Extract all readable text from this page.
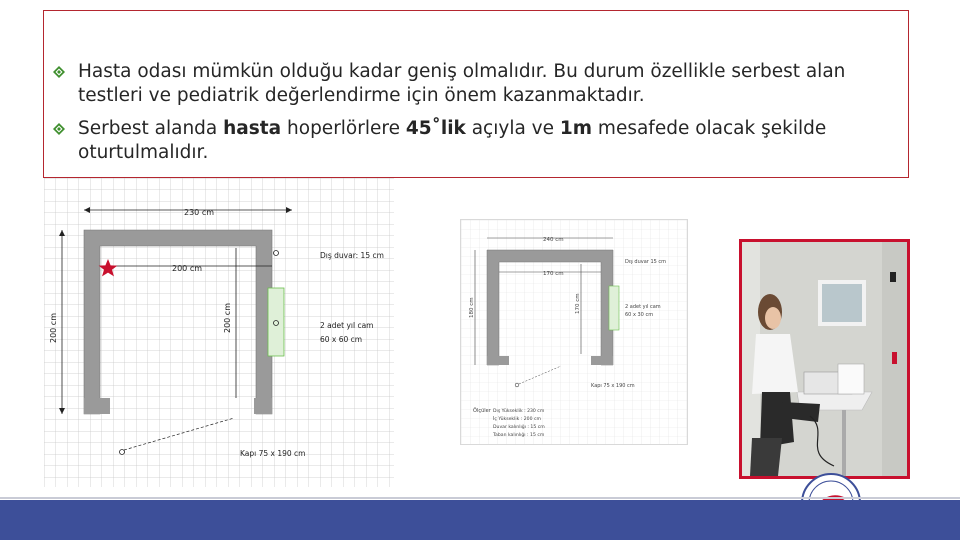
Hasta odası mümkün olduğu kadar geniş olmalıdır. Bu durum özellikle serbest alan testleri ve pediatrik değerlendirme için önem kazanmaktadır.
Serbest alanda hasta hoperlörlere 45˚lik açıyla ve 1m mesafede olacak şekilde oturtulmalıdır.
230 cm
200 cm
200 cm	200 cm
Dış duvar: 15 cm
2 adet yıl cam
60 x 60 cm
Kapı 75 x 190 cm
240 cm
170 cm
180 cm	170 cm
Dış duvar 15 cm
2 adet yıl cam
60 x 30 cm
Kapı 75 x 190 cm
Ölçüler Dış Yükseklik : 230 cm
İç Yükseklik : 200 cm
Duvar kalınlığı : 15 cm
Taban kalınlığı : 15 cm
